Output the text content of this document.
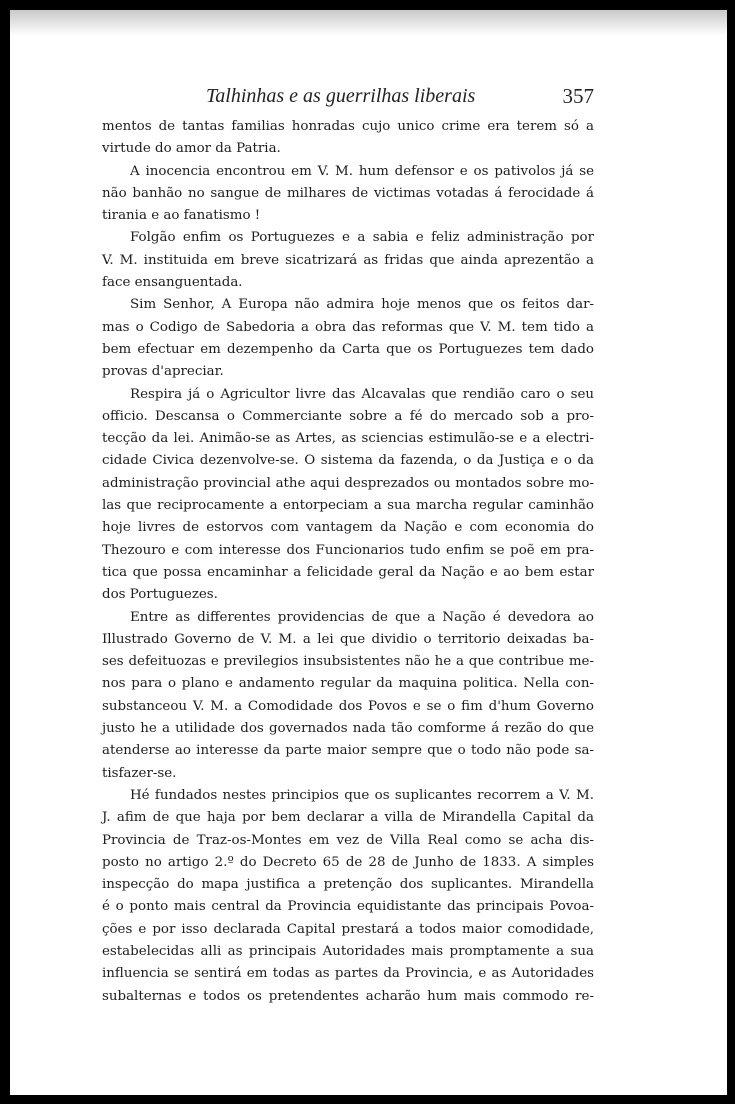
Talhinhas e as guerrilhas liberais	357

mentos de tantas familias honradas cujo unico crime era terem só a
virtude do amor da Patria.

A inocencia encontrou em V. M. hum defensor e os pativolos já se
não banhão no sangue de milhares de victimas votadas á ferocidade á
tirania e ao fanatismo !

Folgão enfim os Portuguezes e a sabia e feliz administração por
V. M. instituida em breve sicatrizará as fridas que ainda aprezentão a
face ensanguentada.

Sim Senhor, A Europa não admira hoje menos que os feitos dar-
mas o Codigo de Sabedoria a obra das reformas que V. M. tem tido a
bem efectuar em dezempenho da Carta que os Portuguezes tem dado
provas d'apreciar.

Respira já o Agricultor livre das Alcavalas que rendião caro o seu
officio. Descansa o Commerciante sobre a fé do mercado sob a pro-
tecção da lei. Animão-se as Artes, as sciencias estimulão-se e a electri-
cidade Civica dezenvolve-se. O sistema da fazenda, o da Justiça e o da
administração provincial athe aqui desprezados ou montados sobre mo-
las que reciprocamente a entorpeciam a sua marcha regular caminhão
hoje livres de estorvos com vantagem da Nação e com economia do
Thezouro e com interesse dos Funcionarios tudo enfim se poẽ em pra-
tica que possa encaminhar a felicidade geral da Nação e ao bem estar
dos Portuguezes.

Entre as differentes providencias de que a Nação é devedora ao
Illustrado Governo de V. M. a lei que dividio o territorio deixadas ba-
ses defeituozas e previlegios insubsistentes não he a que contribue me-
nos para o plano e andamento regular da maquina politica. Nella con-
substanceou V. M. a Comodidade dos Povos e se o fim d'hum Governo
justo he a utilidade dos governados nada tão comforme á rezão do que
atenderse ao interesse da parte maior sempre que o todo não pode sa-
tisfazer-se.

Hé fundados nestes principios que os suplicantes recorrem a V. M.
J. afim de que haja por bem declarar a villa de Mirandella Capital da
Provincia de Traz-os-Montes em vez de Villa Real como se acha dis-
posto no artigo 2.º do Decreto 65 de 28 de Junho de 1833. A simples
inspecção do mapa justifica a pretenção dos suplicantes. Mirandella
é o ponto mais central da Provincia equidistante das principais Povoa-
ções e por isso declarada Capital prestará a todos maior comodidade,
estabelecidas alli as principais Autoridades mais promptamente a sua
influencia se sentirá em todas as partes da Provincia, e as Autoridades
subalternas e todos os pretendentes acharão hum mais commodo re-
